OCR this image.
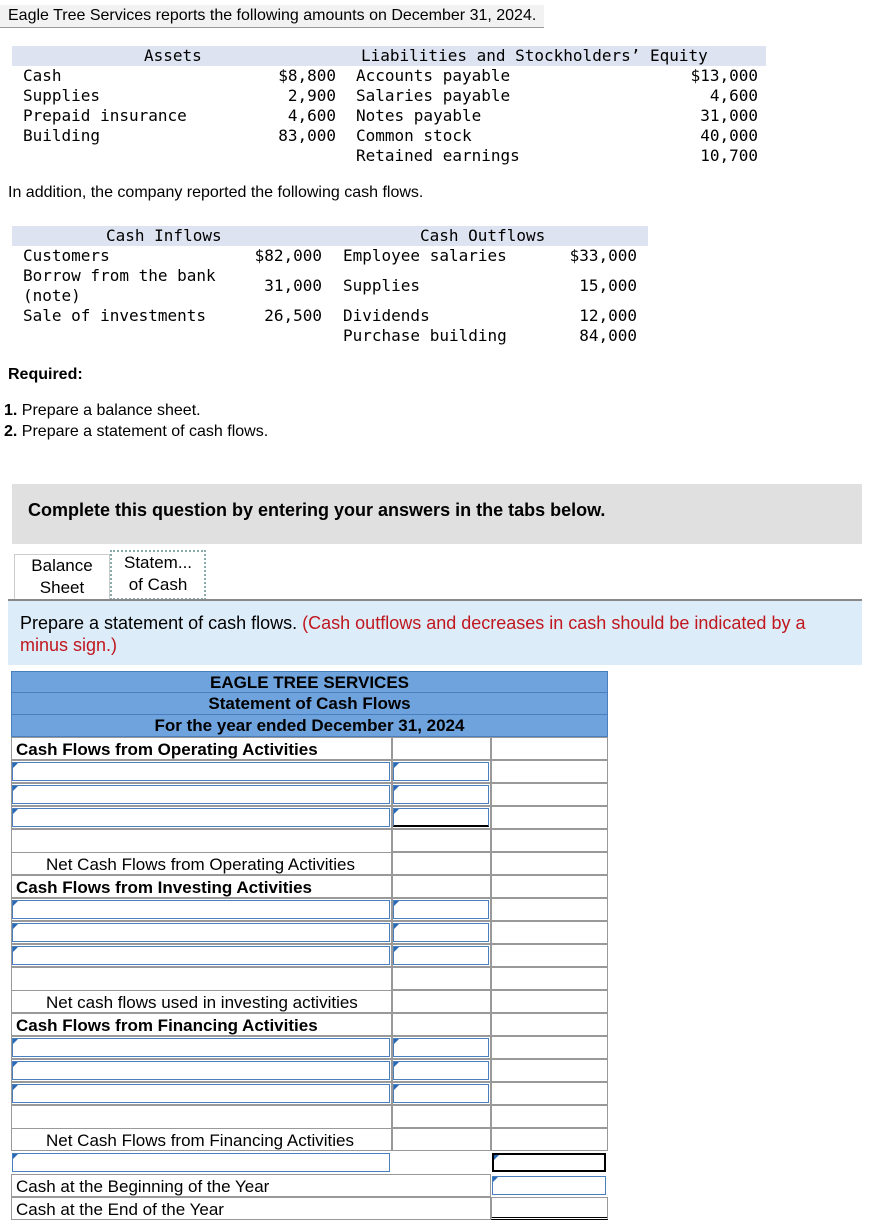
Eagle Tree Services reports the following amounts on December 31, 2024.
Assets	Liabilities and Stockholders’ Equity
Cash
Supplies
Prepaid insurance
Building
$8,800
2,900
4,600
83,000
Accounts payable
Salaries payable
Notes payable
Common stock
Retained earnings
$13,000
4,600
31,000
40,000
10,700
In addition, the company reported the following cash flows.
Cash Inflows	Cash Outflows
Customers
Borrow from the bank
(note)
Sale of investments
$82,000
31,000
26,500
Employee salaries
Supplies
Dividends
Purchase building
$33,000
15,000
12,000
84,000
Required:
1. Prepare a balance sheet.
2. Prepare a statement of cash flows.
Complete this question by entering your answers in the tabs below.
Balance
Sheet
Statem...
of Cash

Prepare a statement of cash flows. (Cash outflows and decreases in cash should be indicated by a minus sign.)

EAGLE TREE SERVICES
Statement of Cash Flows
For the year ended December 31, 2024
Cash Flows from Operating Activities
Net Cash Flows from Operating Activities
Cash Flows from Investing Activities
Net cash flows used in investing activities
Cash Flows from Financing Activities
Net Cash Flows from Financing Activities
Cash at the Beginning of the Year
Cash at the End of the Year
